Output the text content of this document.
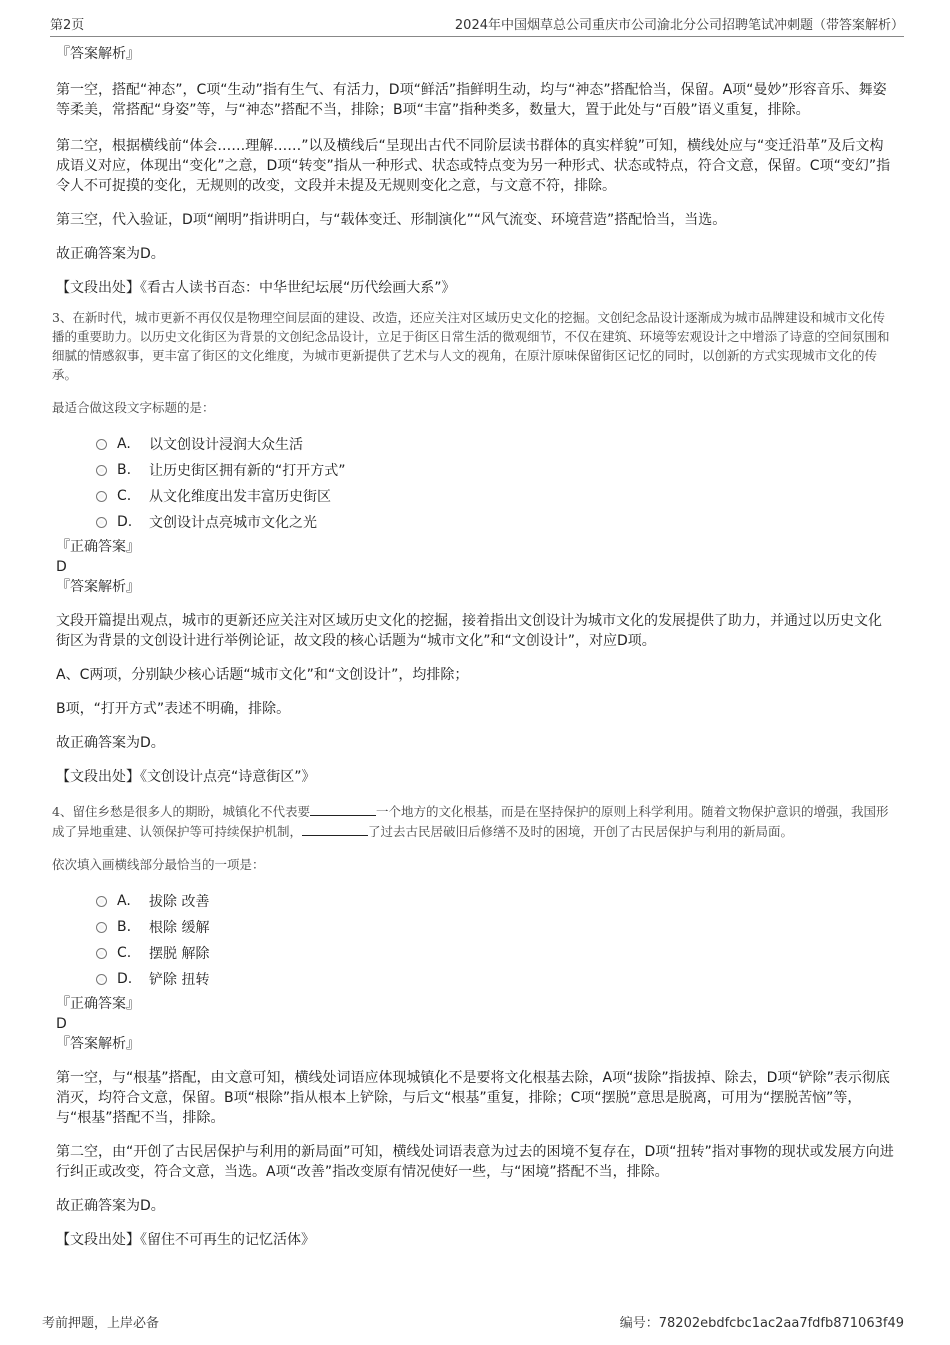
第2页	2024年中国烟草总公司重庆市公司渝北分公司招聘笔试冲刺题（带答案解析）
『答案解析』

第一空，搭配“神态”，C项“生动”指有生气、有活力，D项“鲜活”指鲜明生动，均与“神态”搭配恰当，保留。A项“曼妙”形容音乐、舞姿等柔美，常搭配“身姿”等，与“神态”搭配不当，排除；B项“丰富”指种类多，数量大，置于此处与“百般”语义重复，排除。

第二空，根据横线前“体会……理解……”以及横线后“呈现出古代不同阶层读书群体的真实样貌”可知，横线处应与“变迁沿革”及后文构成语义对应，体现出“变化”之意，D项“转变”指从一种形式、状态或特点变为另一种形式、状态或特点，符合文意，保留。C项“变幻”指令人不可捉摸的变化，无规则的改变，文段并未提及无规则变化之意，与文意不符，排除。

第三空，代入验证，D项“阐明”指讲明白，与“载体变迁、形制演化”“风气流变、环境营造”搭配恰当，当选。

故正确答案为D。

【文段出处】《看古人读书百态：中华世纪坛展“历代绘画大系”》

3、在新时代，城市更新不再仅仅是物理空间层面的建设、改造，还应关注对区域历史文化的挖掘。文创纪念品设计逐渐成为城市品牌建设和城市文化传播的重要助力。以历史文化街区为背景的文创纪念品设计，立足于街区日常生活的微观细节，不仅在建筑、环境等宏观设计之中增添了诗意的空间氛围和细腻的情感叙事，更丰富了街区的文化维度，为城市更新提供了艺术与人文的视角，在原汁原味保留街区记忆的同时，以创新的方式实现城市文化的传承。

最适合做这段文字标题的是：

A.	以文创设计浸润大众生活
B.	让历史街区拥有新的“打开方式”
C.	从文化维度出发丰富历史街区
D.	文创设计点亮城市文化之光
『正确答案』
D
『答案解析』

文段开篇提出观点，城市的更新还应关注对区域历史文化的挖掘，接着指出文创设计为城市文化的发展提供了助力，并通过以历史文化街区为背景的文创设计进行举例论证，故文段的核心话题为“城市文化”和“文创设计”，对应D项。

A、C两项，分别缺少核心话题“城市文化”和“文创设计”，均排除；

B项，“打开方式”表述不明确，排除。

故正确答案为D。

【文段出处】《文创设计点亮“诗意街区”》

4、留住乡愁是很多人的期盼，城镇化不代表要	一个地方的文化根基，而是在坚持保护的原则上科学利用。随着文物保护意识的增强，我国形成了异地重建、认领保护等可持续保护机制，	了过去古民居破旧后修缮不及时的困境，开创了古民居保护与利用的新局面。

依次填入画横线部分最恰当的一项是：

A.	拔除 改善
B.	根除 缓解
C.	摆脱 解除
D.	铲除 扭转
『正确答案』
D
『答案解析』

第一空，与“根基”搭配，由文意可知，横线处词语应体现城镇化不是要将文化根基去除，A项“拔除”指拔掉、除去，D项“铲除”表示彻底消灭，均符合文意，保留。B项“根除”指从根本上铲除，与后文“根基”重复，排除；C项“摆脱”意思是脱离，可用为“摆脱苦恼”等，与“根基”搭配不当，排除。

第二空，由“开创了古民居保护与利用的新局面”可知，横线处词语表意为过去的困境不复存在，D项“扭转”指对事物的现状或发展方向进行纠正或改变，符合文意，当选。A项“改善”指改变原有情况使好一些，与“困境”搭配不当，排除。

故正确答案为D。

【文段出处】《留住不可再生的记忆活体》

考前押题，上岸必备	编号：78202ebdfcbc1ac2aa7fdfb871063f49
